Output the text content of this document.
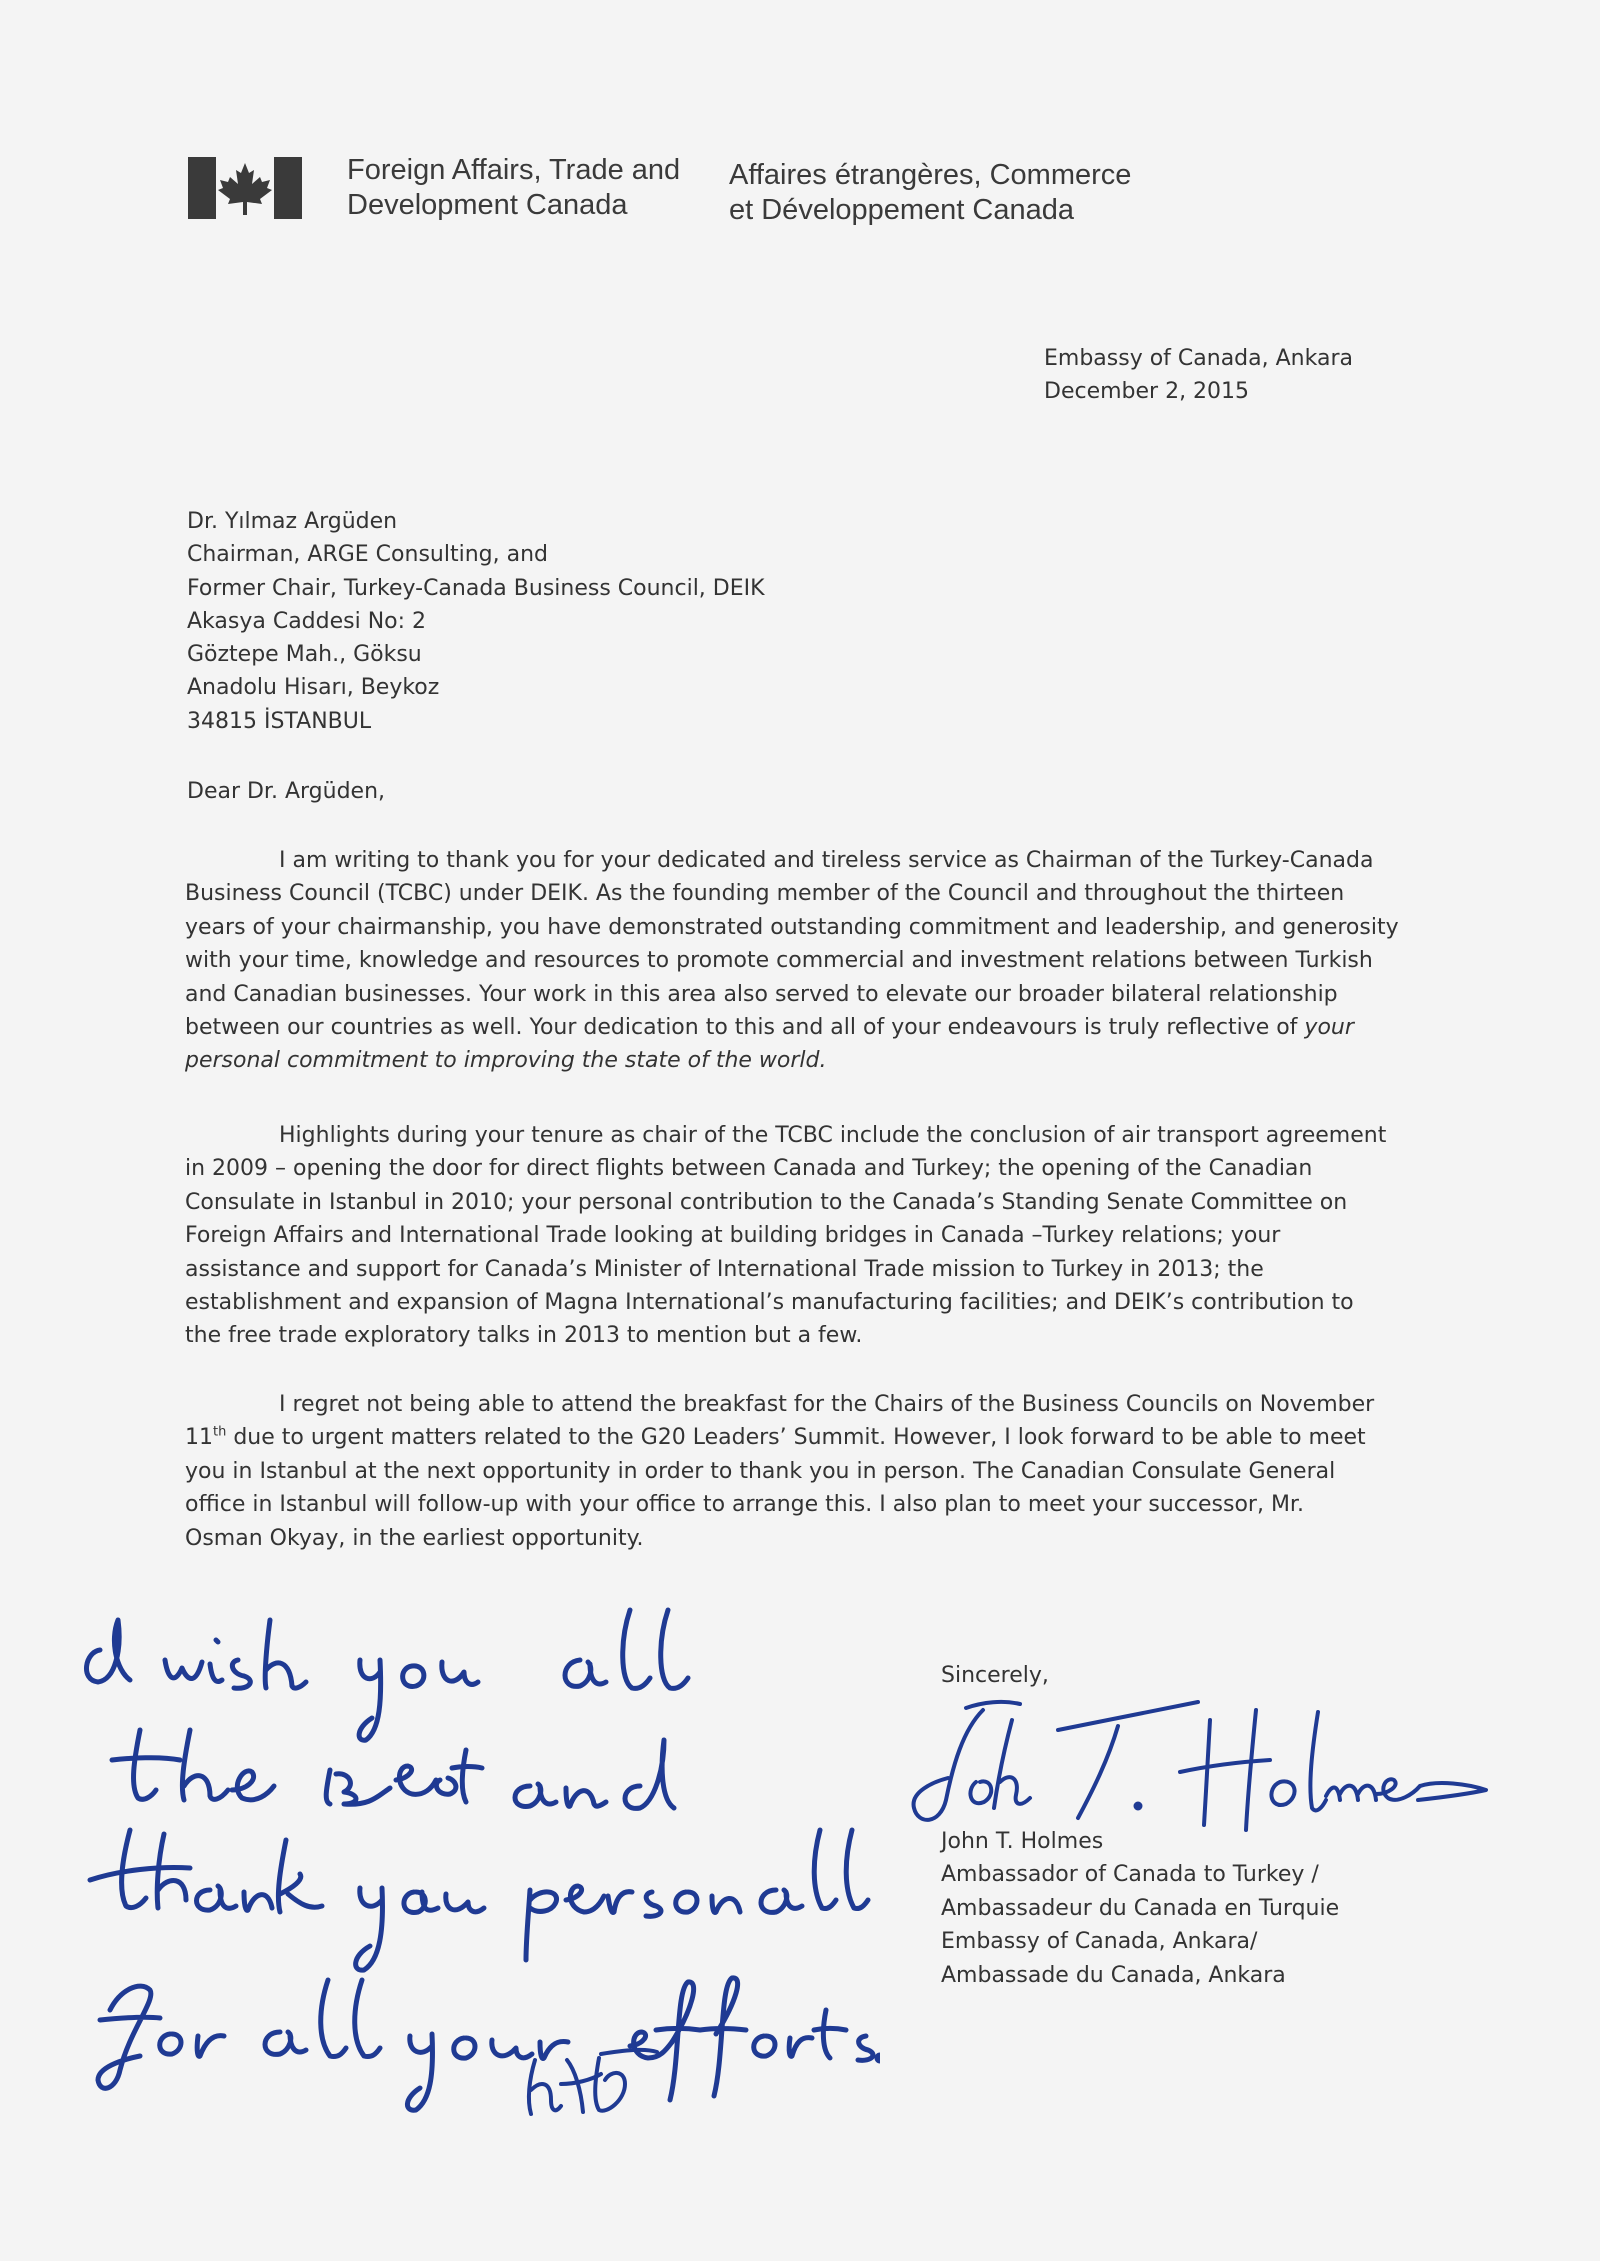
Foreign Affairs, Trade and
Development Canada
Affaires étrangères, Commerce
et Développement Canada
Embassy of Canada, Ankara
December 2, 2015
Dr. Yılmaz Argüden
Chairman, ARGE Consulting, and
Former Chair, Turkey-Canada Business Council, DEIK
Akasya Caddesi No: 2
Göztepe Mah., Göksu
Anadolu Hisarı, Beykoz
34815 İSTANBUL
Dear Dr. Argüden,
I am writing to thank you for your dedicated and tireless service as Chairman of the Turkey-Canada
Business Council (TCBC) under DEIK. As the founding member of the Council and throughout the thirteen
years of your chairmanship, you have demonstrated outstanding commitment and leadership, and generosity
with your time, knowledge and resources to promote commercial and investment relations between Turkish
and Canadian businesses. Your work in this area also served to elevate our broader bilateral relationship
between our countries as well. Your dedication to this and all of your endeavours is truly reflective of your
personal commitment to improving the state of the world.
Highlights during your tenure as chair of the TCBC include the conclusion of air transport agreement
in 2009 – opening the door for direct flights between Canada and Turkey; the opening of the Canadian
Consulate in Istanbul in 2010; your personal contribution to the Canada’s Standing Senate Committee on
Foreign Affairs and International Trade looking at building bridges in Canada –Turkey relations; your
assistance and support for Canada’s Minister of International Trade mission to Turkey in 2013; the
establishment and expansion of Magna International’s manufacturing facilities; and DEIK’s contribution to
the free trade exploratory talks in 2013 to mention but a few.
I regret not being able to attend the breakfast for the Chairs of the Business Councils on November
11th due to urgent matters related to the G20 Leaders’ Summit. However, I look forward to be able to meet
you in Istanbul at the next opportunity in order to thank you in person. The Canadian Consulate General
office in Istanbul will follow-up with your office to arrange this. I also plan to meet your successor, Mr.
Osman Okyay, in the earliest opportunity.
Sincerely,
John T. Holmes
Ambassador of Canada to Turkey /
Ambassadeur du Canada en Turquie
Embassy of Canada, Ankara/
Ambassade du Canada, Ankara
